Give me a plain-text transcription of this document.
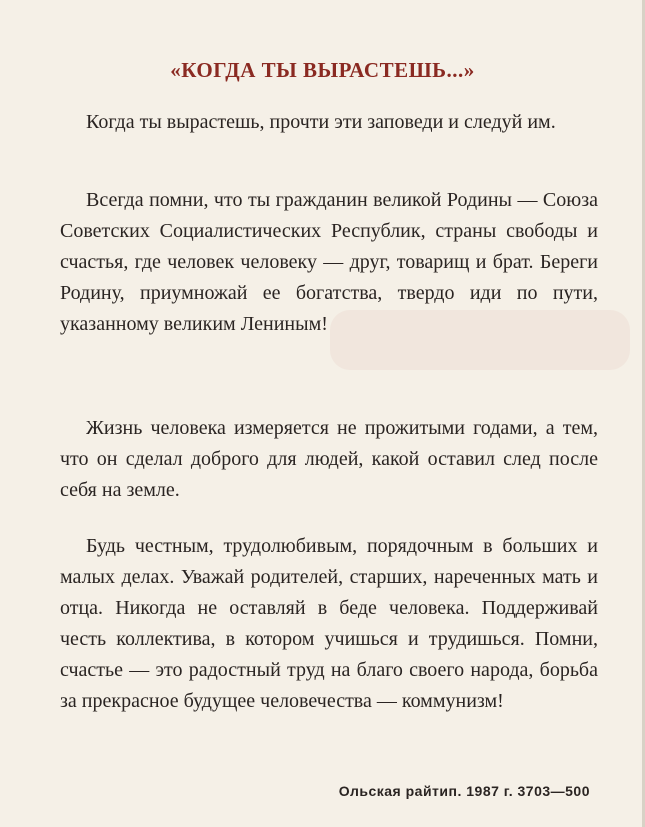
«КОГДА ТЫ ВЫРАСТЕШЬ...»

Когда ты вырастешь, прочти эти заповеди и следуй им.

Всегда помни, что ты гражданин великой Родины — Союза Советских Социалистических Республик, страны свободы и счастья, где человек человеку — друг, товарищ и брат. Береги Родину, приумножай ее богатства, твердо иди по пути, указанному великим Лениным!

Жизнь человека измеряется не прожитыми годами, а тем, что он сделал доброго для людей, какой оставил след после себя на земле.

Будь честным, трудолюбивым, порядочным в больших и малых делах. Уважай родителей, старших, нареченных мать и отца. Никогда не оставляй в беде человека. Поддерживай честь коллектива, в котором учишься и трудишься. Помни, счастье — это радостный труд на благо своего народа, борьба за прекрасное будущее человечества — коммунизм!

Ольская райтип. 1987 г. 3703—500
